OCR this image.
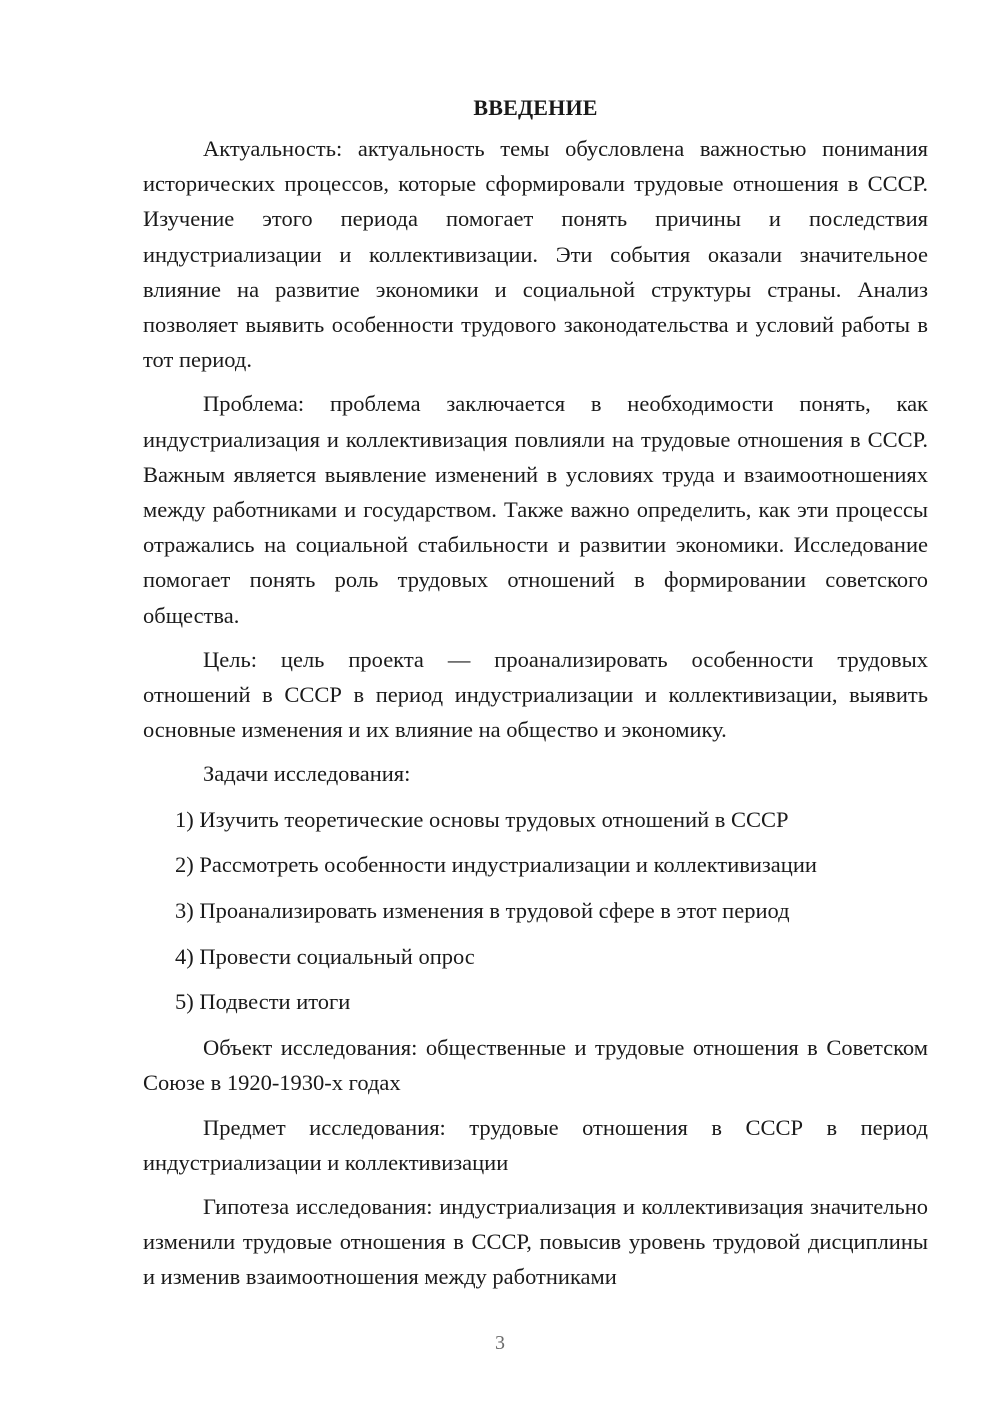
ВВЕДЕНИЕ

Актуальность: актуальность темы обусловлена важностью понимания исторических процессов, которые сформировали трудовые отношения в СССР. Изучение этого периода помогает понять причины и последствия индустриализации и коллективизации. Эти события оказали значительное влияние на развитие экономики и социальной структуры страны. Анализ позволяет выявить особенности трудового законодательства и условий работы в тот период.

Проблема: проблема заключается в необходимости понять, как индустриализация и коллективизация повлияли на трудовые отношения в СССР. Важным является выявление изменений в условиях труда и взаимоотношениях между работниками и государством. Также важно определить, как эти процессы отражались на социальной стабильности и развитии экономики. Исследование помогает понять роль трудовых отношений в формировании советского общества.

Цель: цель проекта — проанализировать особенности трудовых отношений в СССР в период индустриализации и коллективизации, выявить основные изменения и их влияние на общество и экономику.

Задачи исследования:

1) Изучить теоретические основы трудовых отношений в СССР
2) Рассмотреть особенности индустриализации и коллективизации
3) Проанализировать изменения в трудовой сфере в этот период
4) Провести социальный опрос
5) Подвести итоги

Объект исследования: общественные и трудовые отношения в Советском Союзе в 1920-1930-х годах

Предмет исследования: трудовые отношения в СССР в период индустриализации и коллективизации

Гипотеза исследования: индустриализация и коллективизация значительно изменили трудовые отношения в СССР, повысив уровень трудовой дисциплины и изменив взаимоотношения между работниками

3
